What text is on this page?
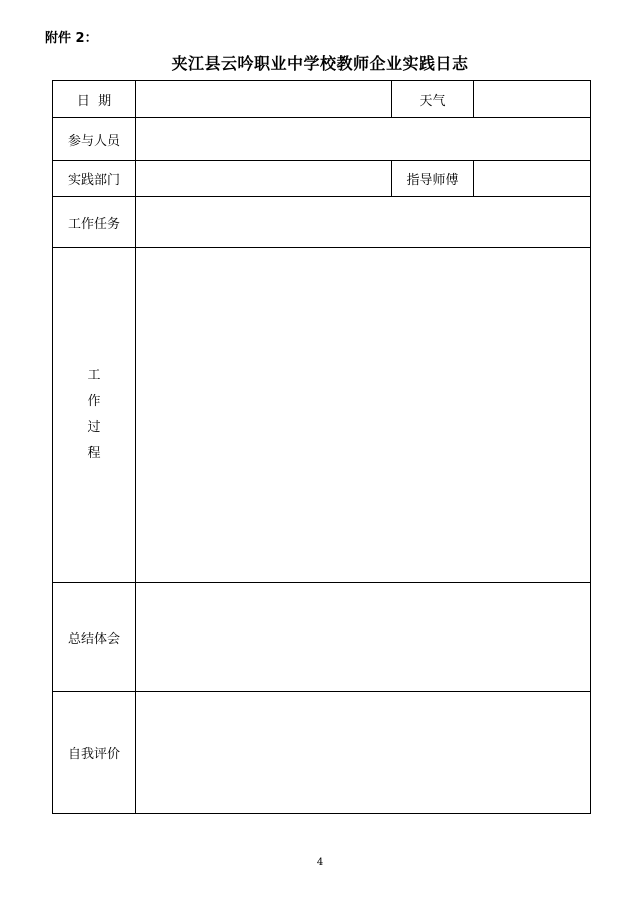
附件 2：
夹江县云吟职业中学校教师企业实践日志
日  期		天气	
参与人员			
实践部门		指导师傅	
工作任务			

工
作
过
程			

总结体会			
自我评价			
4
